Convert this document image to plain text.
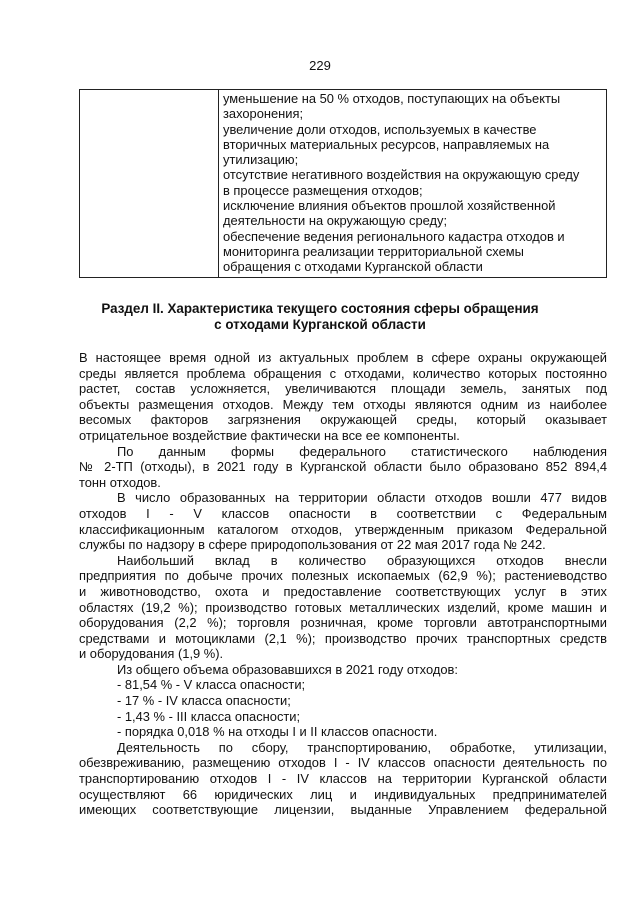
229

уменьшение на 50 % отходов, поступающих на объекты
захоронения;
увеличение доли отходов, используемых в качестве
вторичных материальных ресурсов, направляемых на
утилизацию;
отсутствие негативного воздействия на окружающую среду
в процессе размещения отходов;
исключение влияния объектов прошлой хозяйственной
деятельности на окружающую среду;
обеспечение ведения регионального кадастра отходов и
мониторинга реализации территориальной схемы
обращения с отходами Курганской области
Раздел II. Характеристика текущего состояния сферы обращения
с отходами Курганской области
В настоящее время одной из актуальных проблем в сфере охраны окружающей
среды является проблема обращения с отходами, количество которых постоянно
растет, состав усложняется, увеличиваются площади земель, занятых под
объекты размещения отходов. Между тем отходы являются одним из наиболее
весомых факторов загрязнения окружающей среды, который оказывает
отрицательное воздействие фактически на все ее компоненты.
По данным формы федерального статистического наблюдения
№ 2-ТП (отходы), в 2021 году в Курганской области было образовано 852 894,4
тонн отходов.
В число образованных на территории области отходов вошли 477 видов
отходов I - V классов опасности в соответствии с Федеральным
классификационным каталогом отходов, утвержденным приказом Федеральной
службы по надзору в сфере природопользования от 22 мая 2017 года № 242.
Наибольший вклад в количество образующихся отходов внесли
предприятия по добыче прочих полезных ископаемых (62,9 %); растениеводство
и животноводство, охота и предоставление соответствующих услуг в этих
областях (19,2 %); производство готовых металлических изделий, кроме машин и
оборудования (2,2 %); торговля розничная, кроме торговли автотранспортными
средствами и мотоциклами (2,1 %); производство прочих транспортных средств
и оборудования (1,9 %).
Из общего объема образовавшихся в 2021 году отходов:
- 81,54 % - V класса опасности;
- 17 % - IV класса опасности;
- 1,43 % - III класса опасности;
- порядка 0,018 % на отходы I и II классов опасности.
Деятельность по сбору, транспортированию, обработке, утилизации,
обезвреживанию, размещению отходов I - IV классов опасности деятельность по
транспортированию отходов I - IV классов на территории Курганской области
осуществляют 66 юридических лиц и индивидуальных предпринимателей
имеющих соответствующие лицензии, выданные Управлением федеральной
